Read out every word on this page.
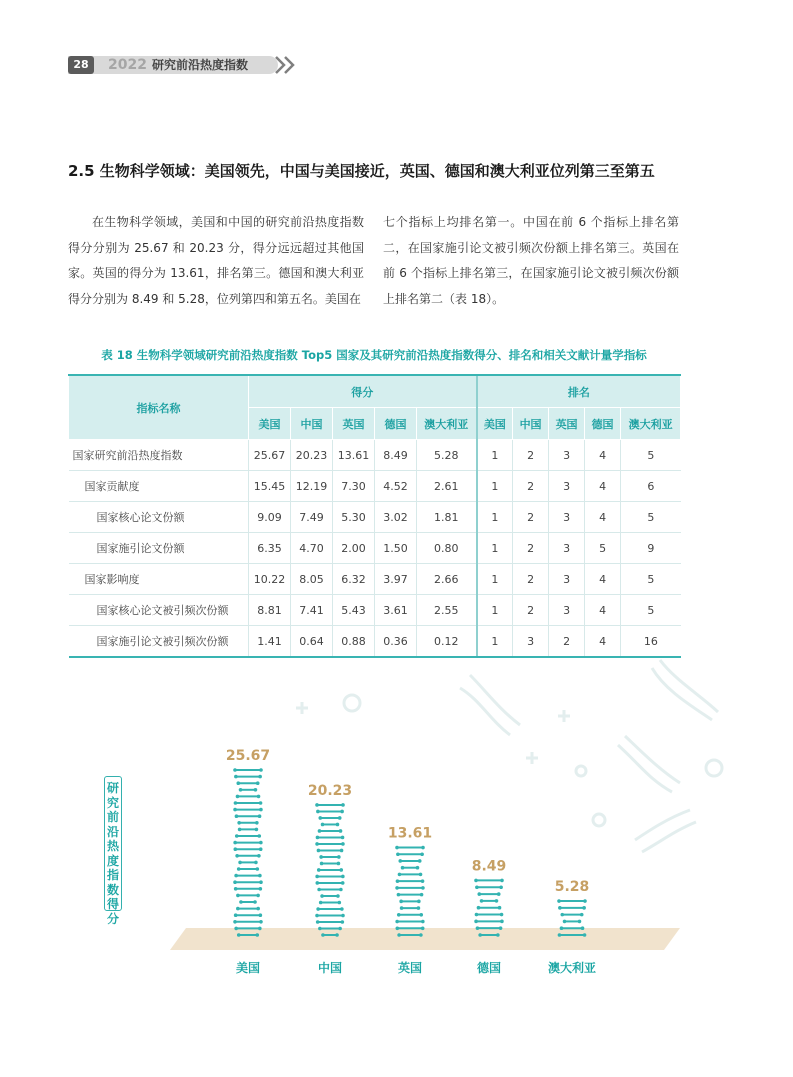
28	2022 研究前沿热度指数
2.5 生物科学领域：美国领先，中国与美国接近，英国、德国和澳大利亚位列第三至第五
在生物科学领域，美国和中国的研究前沿热度指数得分分别为 25.67 和 20.23 分，得分远远超过其他国家。英国的得分为 13.61，排名第三。德国和澳大利亚得分分别为 8.49 和 5.28，位列第四和第五名。美国在
七个指标上均排名第一。中国在前 6 个指标上排名第二，在国家施引论文被引频次份额上排名第三。英国在前 6 个指标上排名第三，在国家施引论文被引频次份额上排名第二（表 18）。
表 18 生物科学领域研究前沿热度指数 Top5 国家及其研究前沿热度指数得分、排名和相关文献计量学指标
指标名称	得分					排名				
	美国	中国	英国	德国	澳大利亚	美国	中国	英国	德国	澳大利亚
国家研究前沿热度指数	25.67	20.23	13.61	8.49	5.28	1	2	3	4	5
国家贡献度	15.45	12.19	7.30	4.52	2.61	1	2	3	4	6
国家核心论文份额	9.09	7.49	5.30	3.02	1.81	1	2	3	4	5
国家施引论文份额	6.35	4.70	2.00	1.50	0.80	1	2	3	5	9
国家影响度	10.22	8.05	6.32	3.97	2.66	1	2	3	4	5
国家核心论文被引频次份额	8.81	7.41	5.43	3.61	2.55	1	2	3	4	5
国家施引论文被引频次份额	1.41	0.64	0.88	0.36	0.12	1	3	2	4	16
25.67
美国
20.23
中国
13.61
英国
8.49
德国
5.28
澳大利亚
研究前沿热度指数得分
